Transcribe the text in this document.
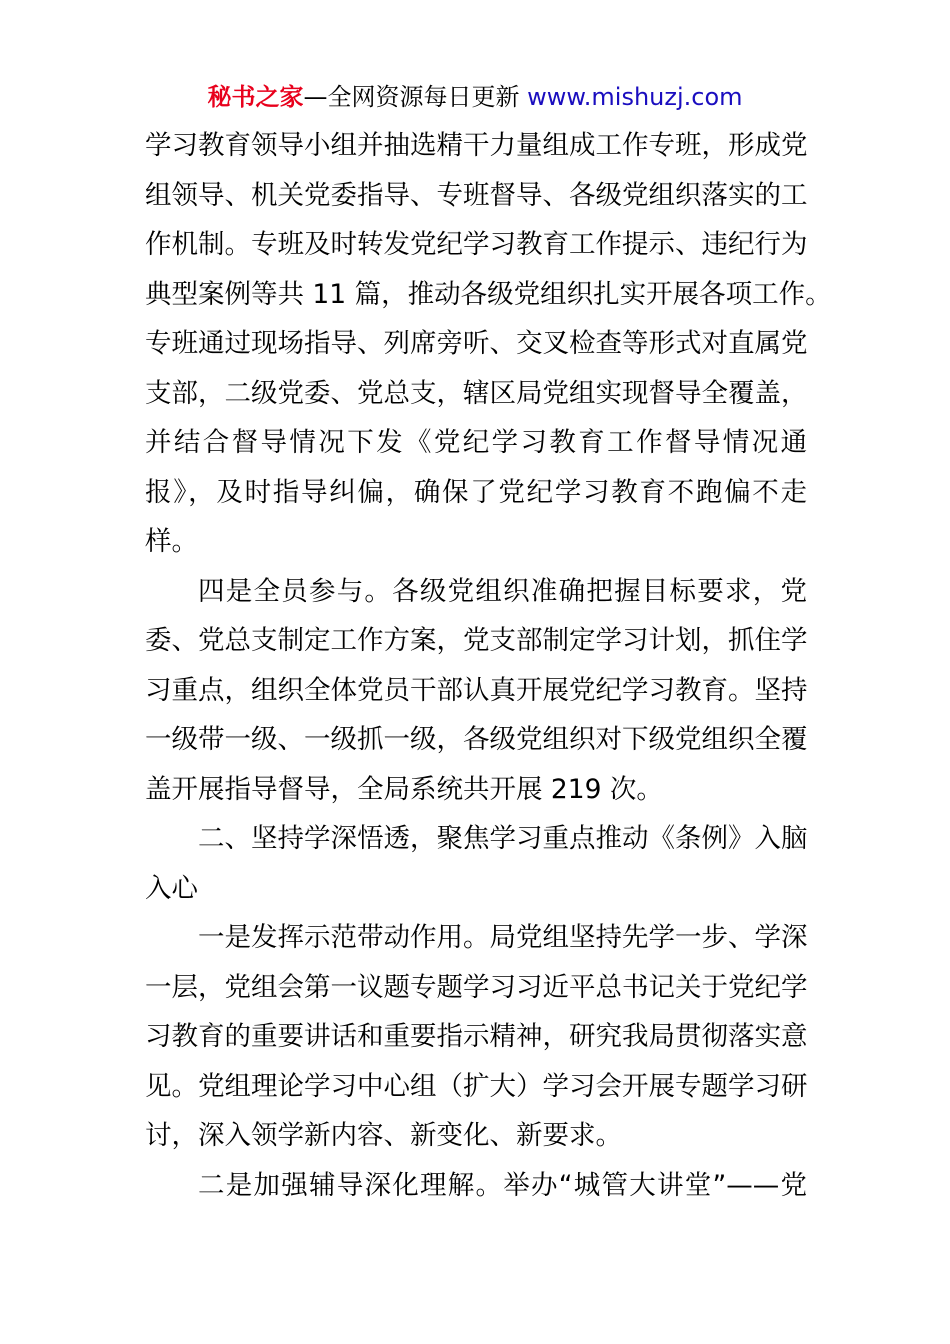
秘书之家—全网资源每日更新 www.mishuzj.com
学习教育领导小组并抽选精干力量组成工作专班，形成党
组领导、机关党委指导、专班督导、各级党组织落实的工
作机制。专班及时转发党纪学习教育工作提示、违纪行为
典型案例等共 11 篇，推动各级党组织扎实开展各项工作。
专班通过现场指导、列席旁听、交叉检查等形式对直属党
支部，二级党委、党总支，辖区局党组实现督导全覆盖，
并结合督导情况下发《党纪学习教育工作督导情况通
报》，及时指导纠偏，确保了党纪学习教育不跑偏不走
样。
四是全员参与。各级党组织准确把握目标要求，党
委、党总支制定工作方案，党支部制定学习计划，抓住学
习重点，组织全体党员干部认真开展党纪学习教育。坚持
一级带一级、一级抓一级，各级党组织对下级党组织全覆
盖开展指导督导，全局系统共开展 219 次。
二、坚持学深悟透，聚焦学习重点推动《条例》入脑
入心
一是发挥示范带动作用。局党组坚持先学一步、学深
一层，党组会第一议题专题学习习近平总书记关于党纪学
习教育的重要讲话和重要指示精神，研究我局贯彻落实意
见。党组理论学习中心组（扩大）学习会开展专题学习研
讨，深入领学新内容、新变化、新要求。
二是加强辅导深化理解。举办“城管大讲堂”——党
